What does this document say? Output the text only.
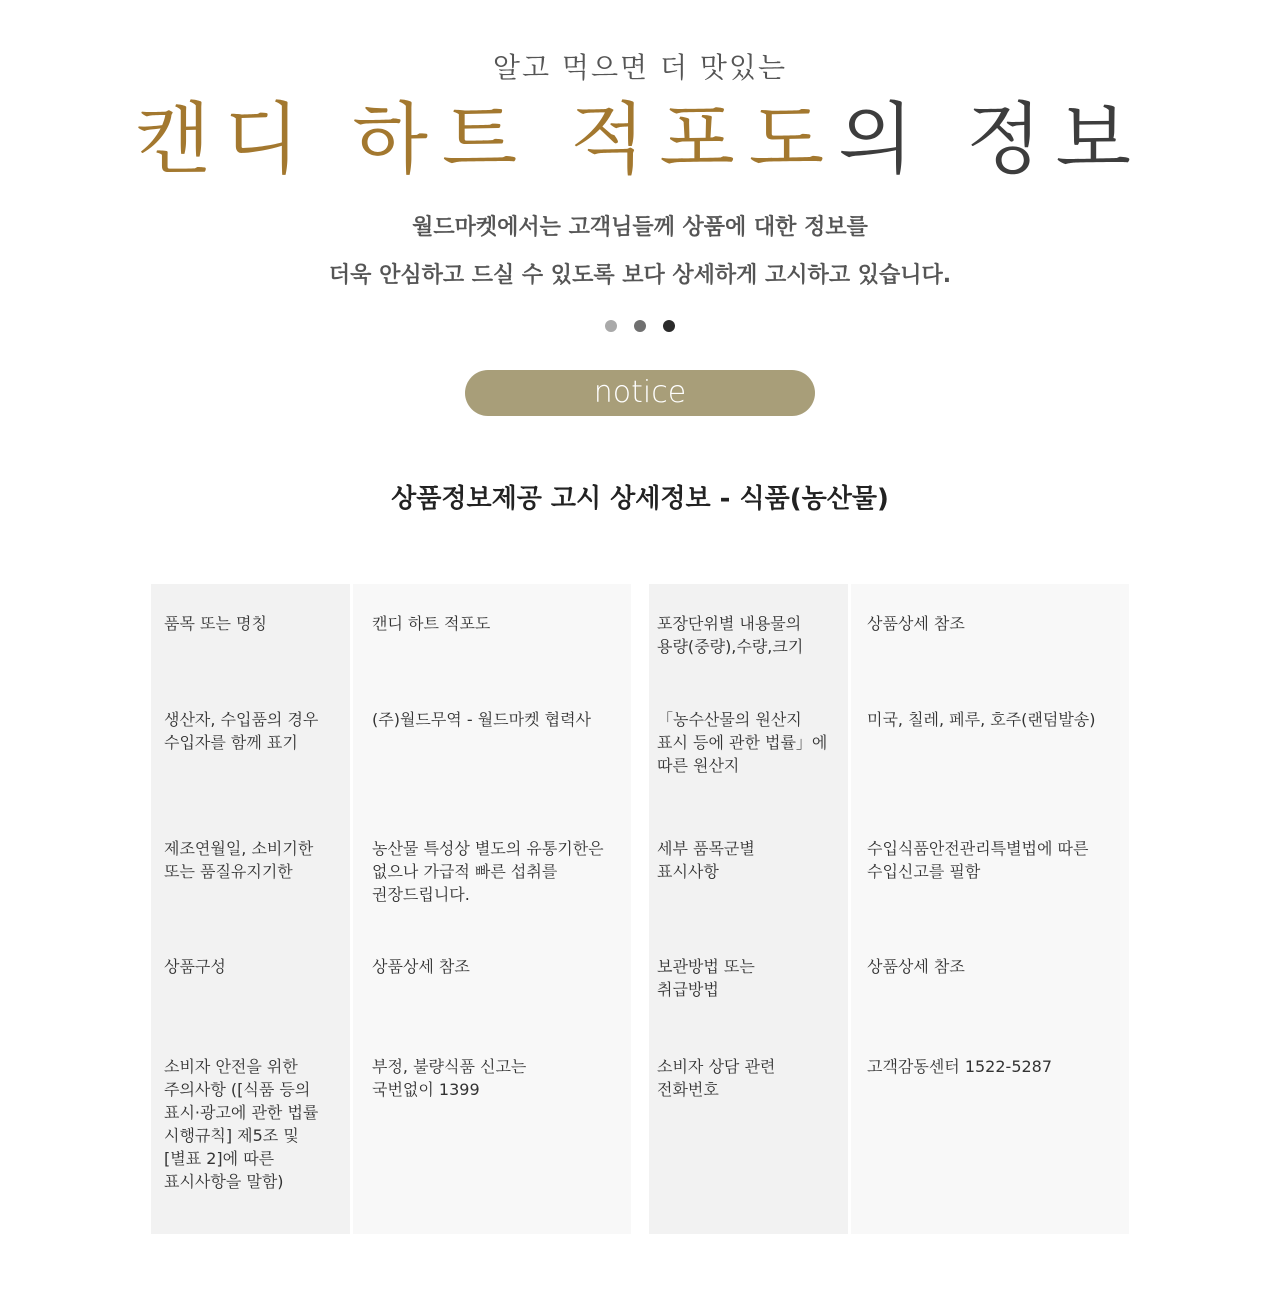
알고 먹으면 더 맛있는
캔디 하트 적포도의 정보
월드마켓에서는 고객님들께 상품에 대한 정보를
더욱 안심하고 드실 수 있도록 보다 상세하게 고시하고 있습니다.
notice
상품정보제공 고시 상세정보 - 식품(농산물)
품목 또는 명칭
생산자, 수입품의 경우
수입자를 함께 표기
제조연월일, 소비기한
또는 품질유지기한
상품구성
소비자 안전을 위한
주의사항 ([식품 등의
표시·광고에 관한 법률
시행규칙] 제5조 및
[별표 2]에 따른
표시사항을 말함)
캔디 하트 적포도
(주)월드무역 - 월드마켓 협력사
농산물 특성상 별도의 유통기한은
없으나 가급적 빠른 섭취를
권장드립니다.
상품상세 참조
부정, 불량식품 신고는
국번없이 1399
포장단위별 내용물의
용량(중량),수량,크기
「농수산물의 원산지
표시 등에 관한 법률」에
따른 원산지
세부 품목군별
표시사항
보관방법 또는
취급방법
소비자 상담 관련
전화번호
상품상세 참조
미국, 칠레, 페루, 호주(랜덤발송)
수입식품안전관리특별법에 따른
수입신고를 필함
상품상세 참조
고객감동센터 1522-5287
